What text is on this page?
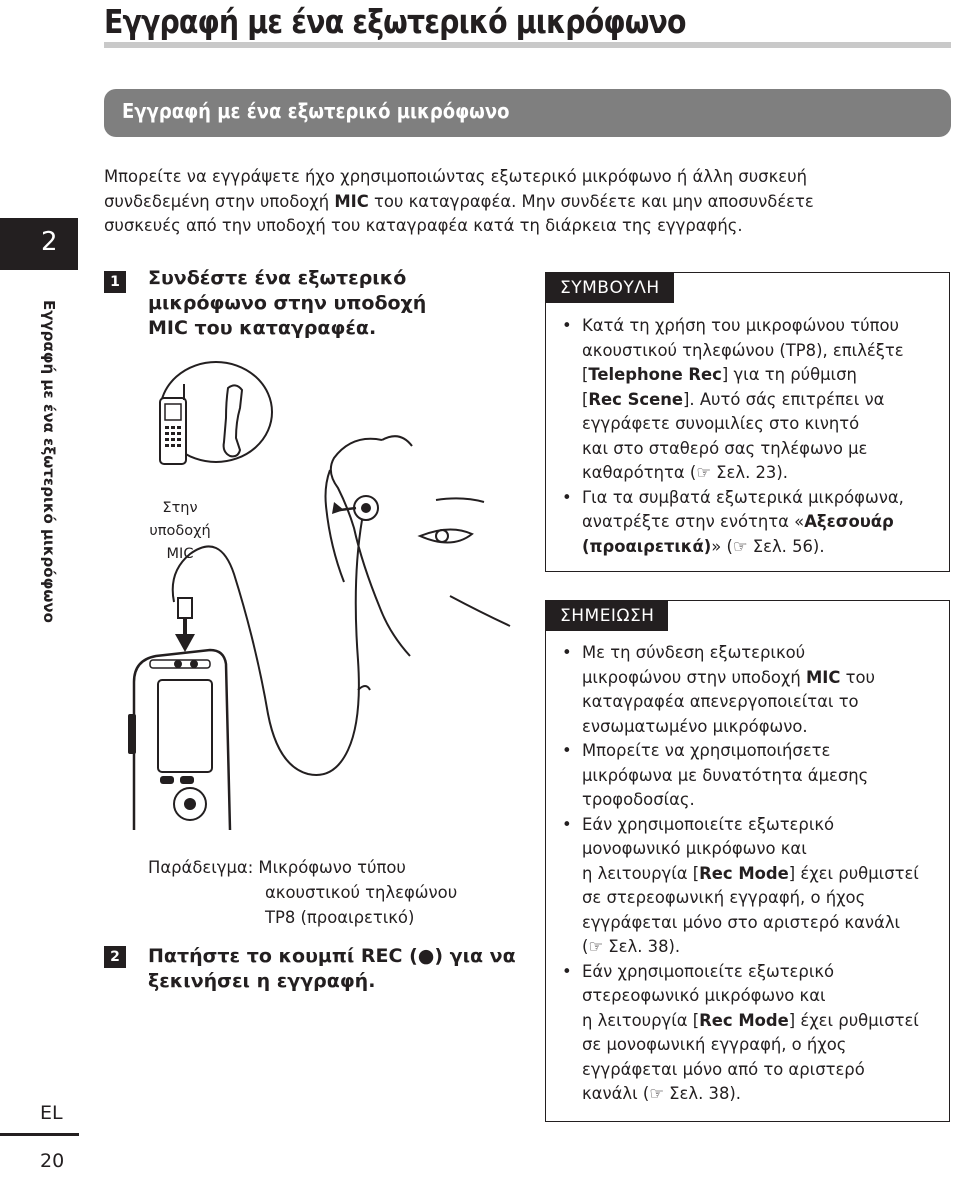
Εγγραφή με ένα εξωτερικό μικρόφωνο
Εγγραφή με ένα εξωτερικό μικρόφωνο
Μπορείτε να εγγράψετε ήχο χρησιμοποιώντας εξωτερικό μικρόφωνο ή άλλη συσκευή
συνδεδεμένη στην υποδοχή MIC του καταγραφέα. Μην συνδέετε και μην αποσυνδέετε
συσκευές από την υποδοχή του καταγραφέα κατά τη διάρκεια της εγγραφής.
2
Εγγραφή με ένα εξωτερικό μικρόφωνο
EL
20
1	Συνδέστε ένα εξωτερικό
μικρόφωνο στην υποδοχή
MIC του καταγραφέα.
Στην
υποδοχή
MIC
Παράδειγμα: Μικρόφωνο τύπου
ακουστικού τηλεφώνου
TP8 (προαιρετικό)
2	Πατήστε το κουμπί REC (●) για να
ξεκινήσει η εγγραφή.
ΣΥΜΒΟΥΛΗ
• Κατά τη χρήση του μικροφώνου τύπου
ακουστικού τηλεφώνου (TP8), επιλέξτε
[Telephone Rec] για τη ρύθμιση
[Rec Scene]. Αυτό σάς επιτρέπει να
εγγράφετε συνομιλίες στο κινητό
και στο σταθερό σας τηλέφωνο με
καθαρότητα (☞ Σελ. 23).
• Για τα συμβατά εξωτερικά μικρόφωνα,
ανατρέξτε στην ενότητα «Αξεσουάρ
(προαιρετικά)» (☞ Σελ. 56).
ΣΗΜΕΙΩΣΗ
• Με τη σύνδεση εξωτερικού
μικροφώνου στην υποδοχή MIC του
καταγραφέα απενεργοποιείται το
ενσωματωμένο μικρόφωνο.
• Μπορείτε να χρησιμοποιήσετε
μικρόφωνα με δυνατότητα άμεσης
τροφοδοσίας.
• Εάν χρησιμοποιείτε εξωτερικό
μονοφωνικό μικρόφωνο και
η λειτουργία [Rec Mode] έχει ρυθμιστεί
σε στερεοφωνική εγγραφή, ο ήχος
εγγράφεται μόνο στο αριστερό κανάλι
(☞ Σελ. 38).
• Εάν χρησιμοποιείτε εξωτερικό
στερεοφωνικό μικρόφωνο και
η λειτουργία [Rec Mode] έχει ρυθμιστεί
σε μονοφωνική εγγραφή, ο ήχος
εγγράφεται μόνο από το αριστερό
κανάλι (☞ Σελ. 38).
